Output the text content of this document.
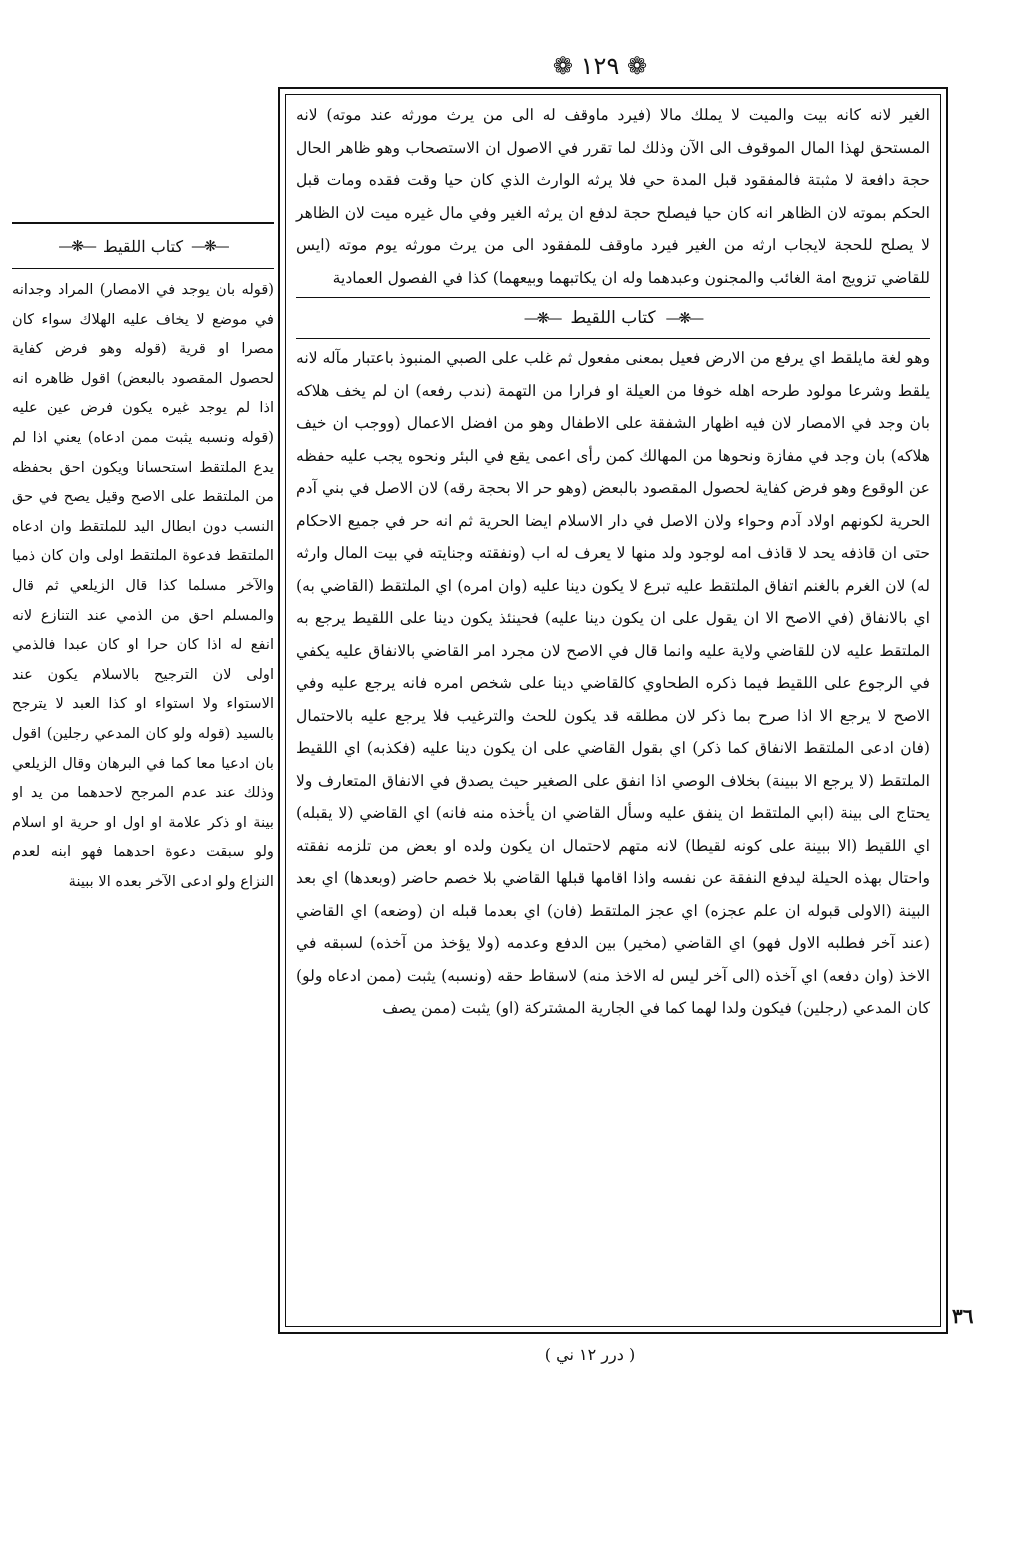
❁ ١٢٩ ❁
—❋—
كتاب اللقيط
—❋—

(قوله بان يوجد في الامصار) المراد وجدانه في موضع لا يخاف عليه الهلاك سواء كان مصرا او قرية (قوله وهو فرض كفاية لحصول المقصود بالبعض) اقول ظاهره انه اذا لم يوجد غيره يكون فرض عين عليه (قوله ونسبه يثبت ممن ادعاه) يعني اذا لم يدع الملتقط استحسانا ويكون احق بحفظه من الملتقط على الاصح وقيل يصح في حق النسب دون ابطال اليد للملتقط وان ادعاه الملتقط فدعوة الملتقط اولى وان كان ذميا والآخر مسلما كذا قال الزيلعي ثم قال والمسلم احق من الذمي عند التنازع لانه انفع له اذا كان حرا او كان عبدا فالذمي اولى لان الترجيح بالاسلام يكون عند الاستواء ولا استواء او كذا العبد لا يترجح بالسيد (قوله ولو كان المدعي رجلين) اقول بان ادعيا معا كما في البرهان وقال الزيلعي وذلك عند عدم المرجح لاحدهما من يد او بينة او ذكر علامة او اول او حرية او اسلام ولو سبقت دعوة احدهما فهو ابنه لعدم النزاع ولو ادعى الآخر بعده الا ببينة

الغير لانه كانه بيت والميت لا يملك مالا (فيرد ماوقف له الى من يرث مورثه عند موته) لانه المستحق لهذا المال الموقوف الى الآن وذلك لما تقرر في الاصول ان الاستصحاب وهو ظاهر الحال حجة دافعة لا مثبتة فالمفقود قبل المدة حي فلا يرثه الوارث الذي كان حيا وقت فقده ومات قبل الحكم بموته لان الظاهر انه كان حيا فيصلح حجة لدفع ان يرثه الغير وفي مال غيره ميت لان الظاهر لا يصلح للحجة لايجاب ارثه من الغير فيرد ماوقف للمفقود الى من يرث مورثه يوم موته (ايس للقاضي تزويج امة الغائب والمجنون وعبدهما وله ان يكاتبهما وبيعهما) كذا في الفصول العمادية

—❋—
كتاب اللقيط
—❋—

وهو لغة مايلقط اي يرفع من الارض فعيل بمعنى مفعول ثم غلب على الصبي المنبوذ باعتبار مآله لانه يلقط وشرعا مولود طرحه اهله خوفا من العيلة او فرارا من التهمة (ندب رفعه) ان لم يخف هلاكه بان وجد في الامصار لان فيه اظهار الشفقة على الاطفال وهو من افضل الاعمال (ووجب ان خيف هلاكه) بان وجد في مفازة ونحوها من المهالك كمن رأى اعمى يقع في البئر ونحوه يجب عليه حفظه عن الوقوع وهو فرض كفاية لحصول المقصود بالبعض (وهو حر الا بحجة رقه) لان الاصل في بني آدم الحرية لكونهم اولاد آدم وحواء ولان الاصل في دار الاسلام ايضا الحرية ثم انه حر في جميع الاحكام حتى ان قاذفه يحد لا قاذف امه لوجود ولد منها لا يعرف له اب (ونفقته وجنايته في بيت المال وارثه له) لان الغرم بالغنم اتفاق الملتقط عليه تبرع لا يكون دينا عليه (وان امره) اي الملتقط (القاضي به) اي بالانفاق (في الاصح الا ان يقول على ان يكون دينا عليه) فحينئذ يكون دينا على اللقيط يرجع به الملتقط عليه لان للقاضي ولاية عليه وانما قال في الاصح لان مجرد امر القاضي بالانفاق عليه يكفي في الرجوع على اللقيط فيما ذكره الطحاوي كالقاضي دينا على شخص امره فانه يرجع عليه وفي الاصح لا يرجع الا اذا صرح بما ذكر لان مطلقه قد يكون للحث والترغيب فلا يرجع عليه بالاحتمال (فان ادعى الملتقط الانفاق كما ذكر) اي بقول القاضي على ان يكون دينا عليه (فكذبه) اي اللقيط الملتقط (لا يرجع الا ببينة) بخلاف الوصي اذا انفق على الصغير حيث يصدق في الانفاق المتعارف ولا يحتاج الى بينة (ابي الملتقط ان ينفق عليه وسأل القاضي ان يأخذه منه فانه) اي القاضي (لا يقبله) اي اللقيط (الا ببينة على كونه لقيطا) لانه متهم لاحتمال ان يكون ولده او بعض من تلزمه نفقته واحتال بهذه الحيلة ليدفع النفقة عن نفسه واذا اقامها قبلها القاضي بلا خصم حاضر (وبعدها) اي بعد البينة (الاولى قبوله ان علم عجزه) اي عجز الملتقط (فان) اي بعدما قبله ان (وضعه) اي القاضي (عند آخر فطلبه الاول فهو) اي القاضي (مخير) بين الدفع وعدمه (ولا يؤخذ من آخذه) لسبقه في الاخذ (وان دفعه) اي آخذه (الى آخر ليس له الاخذ منه) لاسقاط حقه (ونسبه) يثبت (ممن ادعاه ولو) كان المدعي (رجلين) فيكون ولدا لهما كما في الجارية المشتركة (او) يثبت (ممن يصف

٣٦
( درر ١٢ ني )
